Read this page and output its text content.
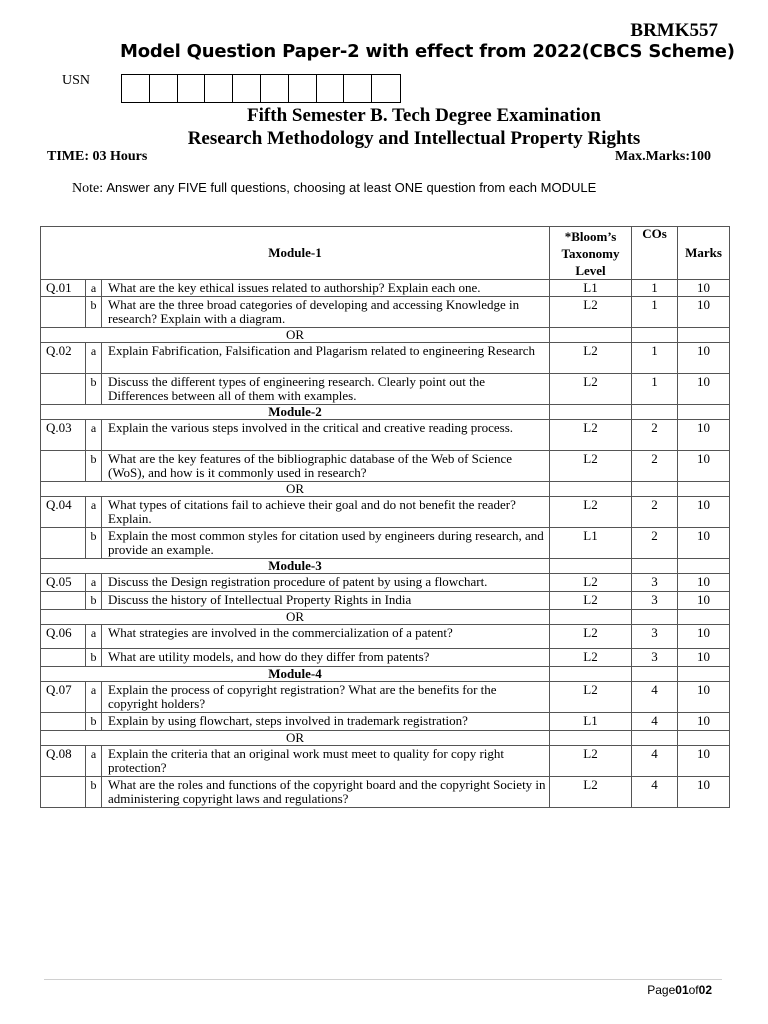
BRMK557
Model Question Paper-2 with effect from 2022(CBCS Scheme)
USN
Fifth Semester B. Tech Degree Examination
Research Methodology and Intellectual Property Rights
TIME: 03 Hours	Max.Marks:100
Note: Answer any FIVE full questions, choosing at least ONE question from each MODULE
Module-1			*Bloom’s Taxonomy Level	COs	Marks
Q.01	a	What are the key ethical issues related to authorship? Explain each one.	L1	1	10
	b	What are the three broad categories of developing and accessing Knowledge in research? Explain with a diagram.	L2	1	10
OR					
Q.02	a	Explain Fabrification, Falsification and Plagarism related to engineering Research	L2	1	10
	b	Discuss the different types of engineering research. Clearly point out the Differences between all of them with examples.	L2	1	10
Module-2					
Q.03	a	Explain the various steps involved in the critical and creative reading process.	L2	2	10
	b	What are the key features of the bibliographic database of the Web of Science (WoS), and how is it commonly used in research?	L2	2	10
OR					
Q.04	a	What types of citations fail to achieve their goal and do not benefit the reader? Explain.	L2	2	10
	b	Explain the most common styles for citation used by engineers during research, and provide an example.	L1	2	10
Module-3					
Q.05	a	Discuss the Design registration procedure of patent by using a flowchart.	L2	3	10
	b	Discuss the history of Intellectual Property Rights in India	L2	3	10
OR					
Q.06	a	What strategies are involved in the commercialization of a patent?	L2	3	10
	b	What are utility models, and how do they differ from patents?	L2	3	10
Module-4					
Q.07	a	Explain the process of copyright registration? What are the benefits for the copyright holders?	L2	4	10
	b	Explain by using flowchart, steps involved in trademark registration?	L1	4	10
OR					
Q.08	a	Explain the criteria that an original work must meet to quality for copy right protection?	L2	4	10
	b	What are the roles and functions of the copyright board and the copyright Society in administering copyright laws and regulations?	L2	4	10
Page01of02
